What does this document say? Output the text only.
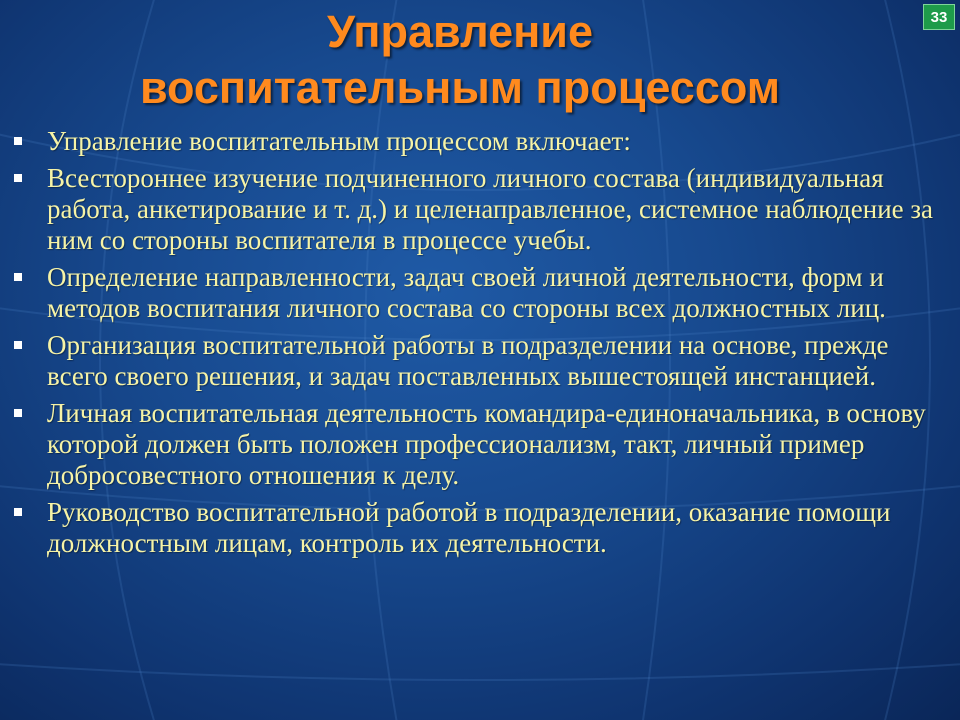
33
Управление
воспитательным процессом
Управление воспитательным процессом включает:
Всестороннее изучение подчиненного личного состава (индивидуальная работа, анкетирование и т. д.) и целенаправленное, системное наблюдение за ним со стороны воспитателя в процессе учебы.
Определение направленности, задач своей личной деятельности, форм и методов воспитания личного состава со стороны всех должностных лиц.
Организация воспитательной работы в подразделении на основе, прежде всего своего решения, и задач поставленных вышестоящей инстанцией.
Личная воспитательная деятельность командира-единоначальника, в основу которой должен быть положен профессионализм, такт, личный пример добросовестного отношения к делу.
Руководство воспитательной работой в подразделении, оказание помощи должностным лицам, контроль их деятельности.
